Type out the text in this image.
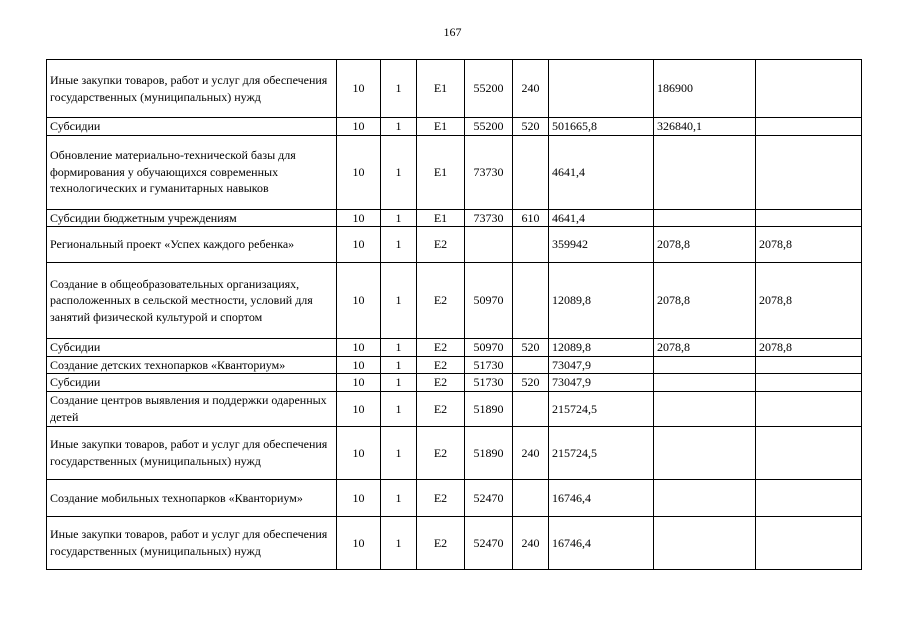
167
Иные закупки товаров, работ и услуг для обеспечения государственных (муниципальных) нужд	10	1	E1	55200	240		186900	
Субсидии	10	1	E1	55200	520	501665,8	326840,1	
Обновление материально-технической базы для формирования у обучающихся современных технологических и гуманитарных навыков	10	1	E1	73730		4641,4		
Субсидии бюджетным учреждениям	10	1	E1	73730	610	4641,4		
Региональный проект «Успех каждого ребенка»	10	1	E2			359942	2078,8	2078,8
Создание в общеобразовательных организациях, расположенных в сельской местности, условий для занятий физической культурой и спортом	10	1	E2	50970		12089,8	2078,8	2078,8
Субсидии	10	1	E2	50970	520	12089,8	2078,8	2078,8
Создание детских технопарков «Кванториум»	10	1	E2	51730		73047,9		
Субсидии	10	1	E2	51730	520	73047,9		
Создание центров выявления и поддержки одаренных детей	10	1	E2	51890		215724,5		
Иные закупки товаров, работ и услуг для обеспечения государственных (муниципальных) нужд	10	1	E2	51890	240	215724,5		
Создание мобильных технопарков «Кванториум»	10	1	E2	52470		16746,4		
Иные закупки товаров, работ и услуг для обеспечения государственных (муниципальных) нужд	10	1	E2	52470	240	16746,4		
